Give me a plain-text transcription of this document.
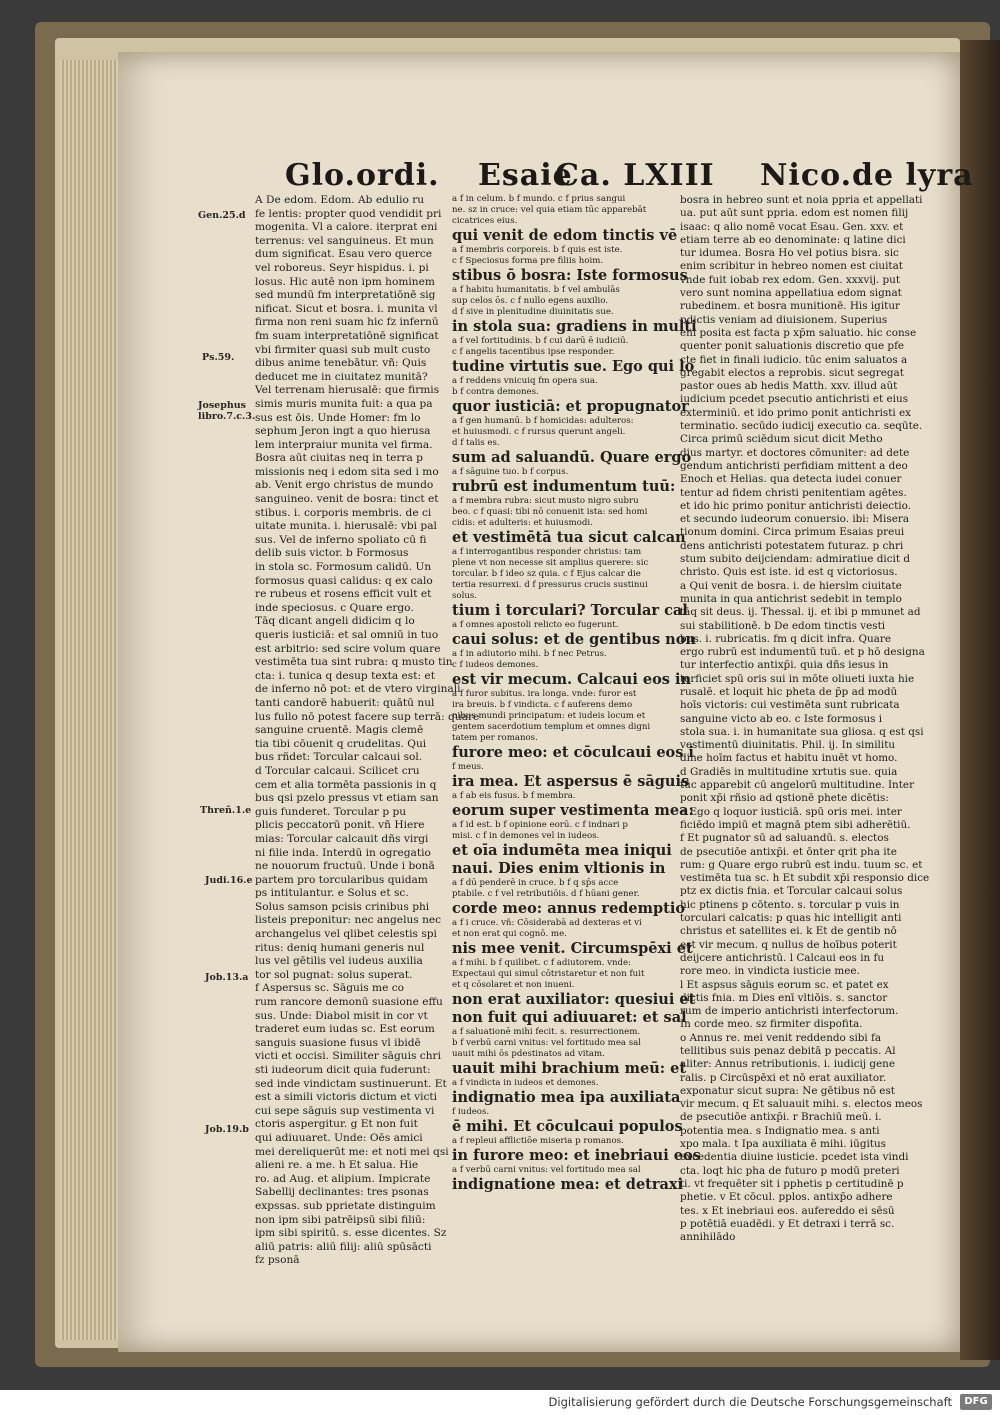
Glo.ordi. Esaie
Ca. LXIII Nico.de lyra
Gen.25.d
Ps.59.
Josephus libro.7.c.3.
Threñ.1.e
Judi.16.e
Job.13.a
Job.19.b

A De edom. Edom. Ab edulio ru

fe lentis: propter quod vendidit pri

mogenita. Vl a calore. iterprat eni

terrenus: vel sanguineus. Et mun

dum significat. Esau vero querce

vel roboreus. Seyr hispidus. i. pi

losus. Hic autē non ipm hominem

sed mundū fm interpretatiōnē sig

nificat. Sicut et bosra. i. munita vl

firma non reni suam hic fz infernū

fm suam interpretatiōnē significat

vbi firmiter quasi sub mult custo

dibus anime tenebātur. vñ: Quis

deducet me in ciuitatez munitā?

Vel terrenam hierusalē: que firmis

simis muris munita fuit: a qua pa

sus est ōis. Unde Homer: fm lo

sephum Jeron ingt a quo hierusa

lem interpraiur munita vel firma.

Bosra aūt ciuitas neq in terra p

missionis neq i edom sita sed i mo

ab. Venit ergo christus de mundo

sanguineo. venit de bosra: tinct et

stibus. i. corporis membris. de ci

uitate munita. i. hierusalē: vbi pal

sus. Vel de inferno spoliato cū fi

delib suis victor. b Formosus

in stola sc. Formosum calidū. Un

formosus quasi calidus: q ex calo

re rubeus et rosens efficit vult et

inde speciosus. c Quare ergo.

Tāq dicant angeli didicim q lo

queris iusticiā: et sal omniū in tuo

est arbitrio: sed scire volum quare

vestimēta tua sint rubra: q musto tin

cta: i. tunica q desup texta est: et

de inferno nō pot: et de vtero virginali

tanti candorē habuerit: quātū nul

lus fullo nō potest facere sup terrā: quare

sanguine cruentē. Magis clemē

tia tibi cōuenit q crudelitas. Qui

bus rñdet: Torcular calcaui sol.

d Torcular calcaui. Scilicet cru

cem et alia tormēta passionis in q

bus qsi pzelo pressus vt etiam san

guis funderet. Torcular p pu

plicis peccatorū ponit. vñ Hiere

mias: Torcular calcauit dñs virgi

ni filie inda. Interdū in ogregatio

ne nouorum fructuū. Unde i bonā

partem pro torcularibus quidam

ps intitulantur. e Solus et sc.

Solus samson pcisis crinibus phi

listeis preponitur: nec angelus nec

archangelus vel qlibet celestis spi

ritus: deniq humani generis nul

lus vel gētilis vel iudeus auxilia

tor sol pugnat: solus superat.

f Aspersus sc. Sāguis me co

rum rancore demonū suasione effu

sus. Unde: Diabol misit in cor vt

traderet eum iudas sc. Est eorum

sanguis suasione fusus vl ibidē

victi et occisi. Similiter sāguis chri

sti iudeorum dicit quia fuderunt:

sed inde vindictam sustinuerunt. Et

est a simili victoris dictum et victi

cui sepe sāguis sup vestimenta vi

ctoris aspergitur. g Et non fuit

qui adiuuaret. Unde: Oēs amici

mei dereliquerūt me: et noti mei qsi

alieni re. a me. h Et salua. Hie

ro. ad Aug. et alipium. Impicrate

Sabellij declinantes: tres psonas

expssas. sub pprietate distinguim

non ipm sibi patrēipsū sibi filiū:

ipm sibi spiritū. s. esse dicentes. Sz

aliū patris: aliū filij: aliū spūsācti

fz psonā

a f in celum. b f mundo. c f prius sangui

ne. sz in cruce: vel quia etiam tūc apparebāt

cicatrices eius.

qui venit de edom tinctis vē

a f membris corporeis. b f quis est iste.

c f Speciosus forma pre filiis hoim.

stibus ō bosra: Iste formosus

a f habitu humanitatis. b f vel ambulās

sup celos ōs. c f nullo egens auxilio.

d f sive in plenitudine diuinitatis sue.

in stola sua: gradiens in multi

a f vel fortitudinis. b f cui darū ē iudiciū.

c f angelis tacentibus ipse responder.

tudine virtutis sue. Ego qui lo

a f reddens vnicuiq fm opera sua.

b f contra demones.

quor iusticiā: et propugnator

a f gen humanū. b f homicidas: adulteros:

et huiusmodi. c f rursus querunt angeli.

d f talis es.

sum ad saluandū. Quare ergo

a f sāguine tuo. b f corpus.

rubrū est indumentum tuū:

a f membra rubra: sicut musto nigro subru

beo. c f quasi: tibi nō conuenit ista: sed homi

cidis: et adulteris: et huiusmodi.

et vestimētā tua sicut calcan

a f interrogantibus responder christus: tam

plene vt non necesse sit amplius querere: sic

torcular. b f ideo sz quia. c f Ejus calcar die

tertia resurrexi. d f pressurus crucis sustinui

solus.

tium i torculari? Torcular cal

a f omnes apostoli relicto eo fugerunt.

caui solus: et de gentibus non

a f in adiutorio mihi. b f nec Petrus.

c f iudeos demones.

est vir mecum. Calcaui eos in

a f furor subitus. ira longa. vnde: furor est

ira breuis. b f vindicta. c f auferens demo

nibus mundi principatum: et iudeis locum et

gentem sacerdotium templum et omnes digni

tatem per romanos.

furore meo: et cōculcaui eos i

f meus.

ira mea. Et aspersus ē sāguis

a f ab eis fusus. b f membra.

eorum super vestimenta mea:

a f id est. b f opinione eorū. c f indnari p

misi. c f in demones vel in iudeos.

et oīa indumēta mea iniqui

naui. Dies enim vltionis in

a f dū penderē in cruce. b f q sp̄s acce

ptabile. c f vel retributiōis. d f hūani gener.

corde meo: annus redemptio

a f i cruce. vñ: Cōsiderabā ad dexteras et vi

et non erat qui cognō. me.

nis mee venit. Circumspēxi et

a f mihi. b f quilibet. c f adiutorem. vnde:

Expectaui qui simul cōtristaretur et non fuit

et q cōsolaret et non inueni.

non erat auxiliator: quesiui et

non fuit qui adiuuaret: et sal

a f saluationē mihi fecit. s. resurrectionem.

b f verbū carni vnitus: vel fortitudo mea sal

uauit mihi ōs pdestinatos ad vitam.

uauit mihi brachium meū: et

a f vindicta in iudeos et demones.

indignatio mea ipa auxiliata

f iudeos.

ē mihi. Et cōculcaui populos

a f repleui afflictiōe miseria p romanos.

in furore meo: et inebriaui eos

a f verbū carni vnitus: vel fortitudo mea sal

indignatione mea: et detraxi

bosra in hebreo sunt et noia ppria et appellati

ua. put aūt sunt ppria. edom est nomen filij

isaac: q alio nomē vocat Esau. Gen. xxv. et

etiam terre ab eo denominate: q latine dici

tur idumea. Bosra Ho vel potius bisra. sic

enim scribitur in hebreo nomen est ciuitat

vnde fuit iobab rex edom. Gen. xxxvij. put

vero sunt nomina appellatiua edom signat

rubedinem. et bosra munitionē. His igitur

pdictis veniam ad diuisionem. Superius

enī posita est facta p xp̄m saluatio. hic conse

quenter ponit saluationis discretio que pfe

cte fiet in finali iudicio. tūc enim saluatos a

gregabit electos a reprobis. sicut segregat

pastor oues ab hedis Matth. xxv. illud aūt

iudicium pcedet psecutio antichristi et eius

exterminiū. et ido primo ponit antichristi ex

terminatio. secūdo iudicij executio ca. seqūte.

Circa primū sciēdum sicut dicit Metho

dius martyr. et doctores cōmuniter: ad dete

gendum antichristi perfidiam mittent a deo

Enoch et Helias. qua detecta iudei conuer

tentur ad fidem christi penitentiam agētes.

et ido hic primo ponitur antichristi deiectio.

et secundo iudeorum conuersio. ibi: Misera

tionum domini. Circa primum Esaias preui

dens antichristi potestatem futuraz. p chri

stum subito deijciendam: admiratiue dicit d

christo. Quis est iste. id est q victoriosus.

a Qui venit de bosra. i. de hierslm ciuitate

munita in qua antichrist sedebit in templo

tāq sit deus. ij. Thessal. ij. et ibi p mmunet ad

sui stabilitionē. b De edom tinctis vesti

bus. i. rubricatis. fm q dicit infra. Quare

ergo rubrū est indumentū tuū. et p hō designa

tur interfectio antixp̄i. quia dñs iesus in

terficiet spū oris sui in mōte oliueti iuxta hie

rusalē. et loquit hic pheta de p̄p ad modū

hoīs victoris: cui vestimēta sunt rubricata

sanguine victo ab eo. c Iste formosus i

stola sua. i. in humanitate sua gliosa. q est qsi

vestimentū diuinitatis. Phil. ij. In similitu

dine hoīm factus et habitu inuēt vt homo.

d Gradiēs in multitudine xrtutis sue. quia

tūc apparebit cū angelorū multitudine. Inter

ponit xp̄i rñsio ad qstionē phete dicētis:

e Ego q loquor iusticiā. spū oris mei. inter

ficiēdo impiū et magnā ptem sibi adherētiū.

f Et pugnator sū ad saluandū. s. electos

de psecutiōe antixp̄i. et ōnter qrit pha ite

rum: g Quare ergo rubrū est indu. tuum sc. et

vestimēta tua sc. h Et subdit xp̄i responsio dice

ptz ex dictis fnia. et Torcular calcaui solus

hic ptinens p cōtento. s. torcular p vuis in

torculari calcatis: p quas hic intelligit anti

christus et satellites ei. k Et de gentib nō

est vir mecum. q nullus de hoībus poterit

deijcere antichristū. l Calcaui eos in fu

rore meo. in vindicta iusticie mee.

l Et aspsus sāguis eorum sc. et patet ex

dictis fnia. m Dies enī vltiōis. s. sanctor

rum de imperio antichristi interfectorum.

In corde meo. sz firmiter dispofita.

o Annus re. mei venit reddendo sibi fa

tellitibus suis penaz debitā p peccatis. Al

aliter: Annus retributionis. i. iudicij gene

ralis. p Circūspēxi et nō erat auxiliator.

exponatur sicut supra: Ne gētibus nō est

vir mecum. q Et saluauit mihi. s. electos meos

de psecutiōe antixp̄i. r Brachiū meū. i.

potentia mea. s Indignatio mea. s anti

xpo mala. t Ipa auxiliata ē mihi. iūgitus

excedentia diuine iusticie. pcedet ista vindi

cta. loqt hic pha de futuro p modū preteri

ti. vt frequēter sit i pphetis p certitudinē p

phetie. v Et cōcul. pplos. antixp̄o adhere

tes. x Et inebriaui eos. aufereddo ei sēsū

p potētiā euadēdi. y Et detraxi i terrā sc.

annihilādo

Digitalisierung gefördert durch die Deutsche Forschungsgemeinschaft	DFG
